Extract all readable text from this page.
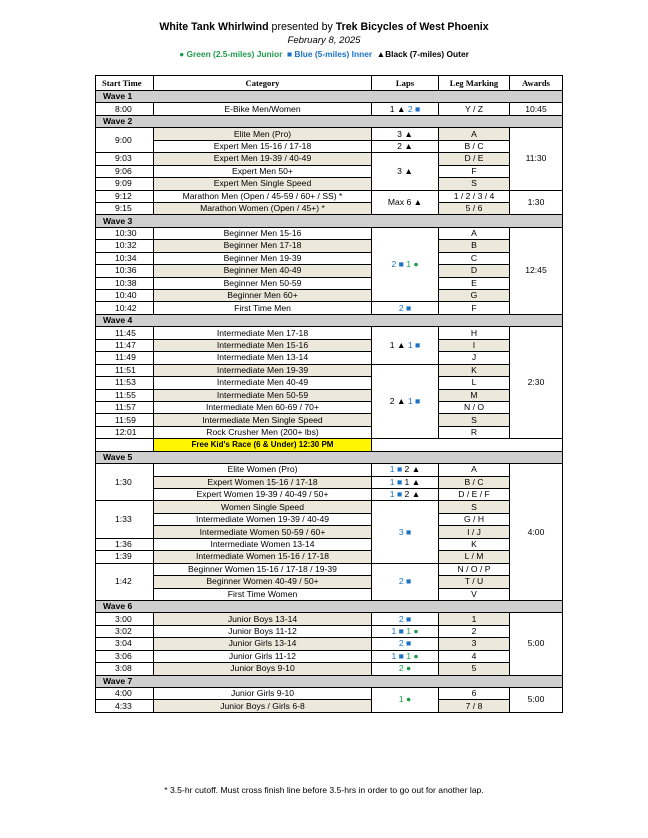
White Tank Whirlwind presented by Trek Bicycles of West Phoenix
February 8, 2025
● Green (2.5-miles) Junior ■ Blue (5-miles) Inner ▲Black (7-miles) Outer
Start Time	Category	Laps	Leg Marking	Awards
Wave 1				
8:00	E-Bike Men/Women	1 ▲ 2 ■	Y / Z	10:45
Wave 2				
9:00	Elite Men (Pro)	3 ▲	A	11:30
	Expert Men 15-16 / 17-18	2 ▲	B / C	
9:03	Expert Men 19-39 / 40-49	3 ▲	D / E	
9:06	Expert Men 50+		F	
9:09	Expert Men Single Speed		S	
9:12	Marathon Men (Open / 45-59 / 60+ / SS) *	Max 6 ▲	1 / 2 / 3 / 4	1:30
9:15	Marathon Women (Open / 45+) *		5 / 6	
Wave 3				
10:30	Beginner Men 15-16	2 ■ 1 ●	A	12:45
10:32	Beginner Men 17-18		B	
10:34	Beginner Men 19-39		C	
10:36	Beginner Men 40-49		D	
10:38	Beginner Men 50-59		E	
10:40	Beginner Men 60+		G	
10:42	First Time Men	2 ■	F	
Wave 4				
11:45	Intermediate Men 17-18	1 ▲ 1 ■	H	2:30
11:47	Intermediate Men 15-16		I	
11:49	Intermediate Men 13-14		J	
11:51	Intermediate Men 19-39	2 ▲ 1 ■	K	
11:53	Intermediate Men 40-49		L	
11:55	Intermediate Men 50-59		M	
11:57	Intermediate Men 60-69 / 70+		N / O	
11:59	Intermediate Men Single Speed		S	
12:01	Rock Crusher Men (200+ lbs)		R	
	Free Kid's Race (6 & Under) 12:30 PM			
Wave 5				
1:30	Elite Women (Pro)	1 ■ 2 ▲	A	4:00
	Expert Women 15-16 / 17-18	1 ■ 1 ▲	B / C	
	Expert Women 19-39 / 40-49 / 50+	1 ■ 2 ▲	D / E / F	
1:33	Women Single Speed	3 ■	S	
	Intermediate Women 19-39 / 40-49		G / H	
	Intermediate Women 50-59 / 60+		I / J	
1:36	Intermediate Women 13-14		K	
1:39	Intermediate Women 15-16 / 17-18		L / M	
1:42	Beginner Women 15-16 / 17-18 / 19-39	2 ■	N / O / P	
	Beginner Women 40-49 / 50+		T / U	
	First Time Women		V	
Wave 6				
3:00	Junior Boys 13-14	2 ■	1	5:00
3:02	Junior Boys 11-12	1 ■ 1 ●	2	
3:04	Junior Girls 13-14	2 ■	3	
3:06	Junior Girls 11-12	1 ■ 1 ●	4	
3:08	Junior Boys 9-10	2 ●	5	
Wave 7				
4:00	Junior Girls 9-10	1 ●	6	5:00
4:33	Junior Boys / Girls 6-8		7 / 8	
* 3.5-hr cutoff. Must cross finish line before 3.5-hrs in order to go out for another lap.
